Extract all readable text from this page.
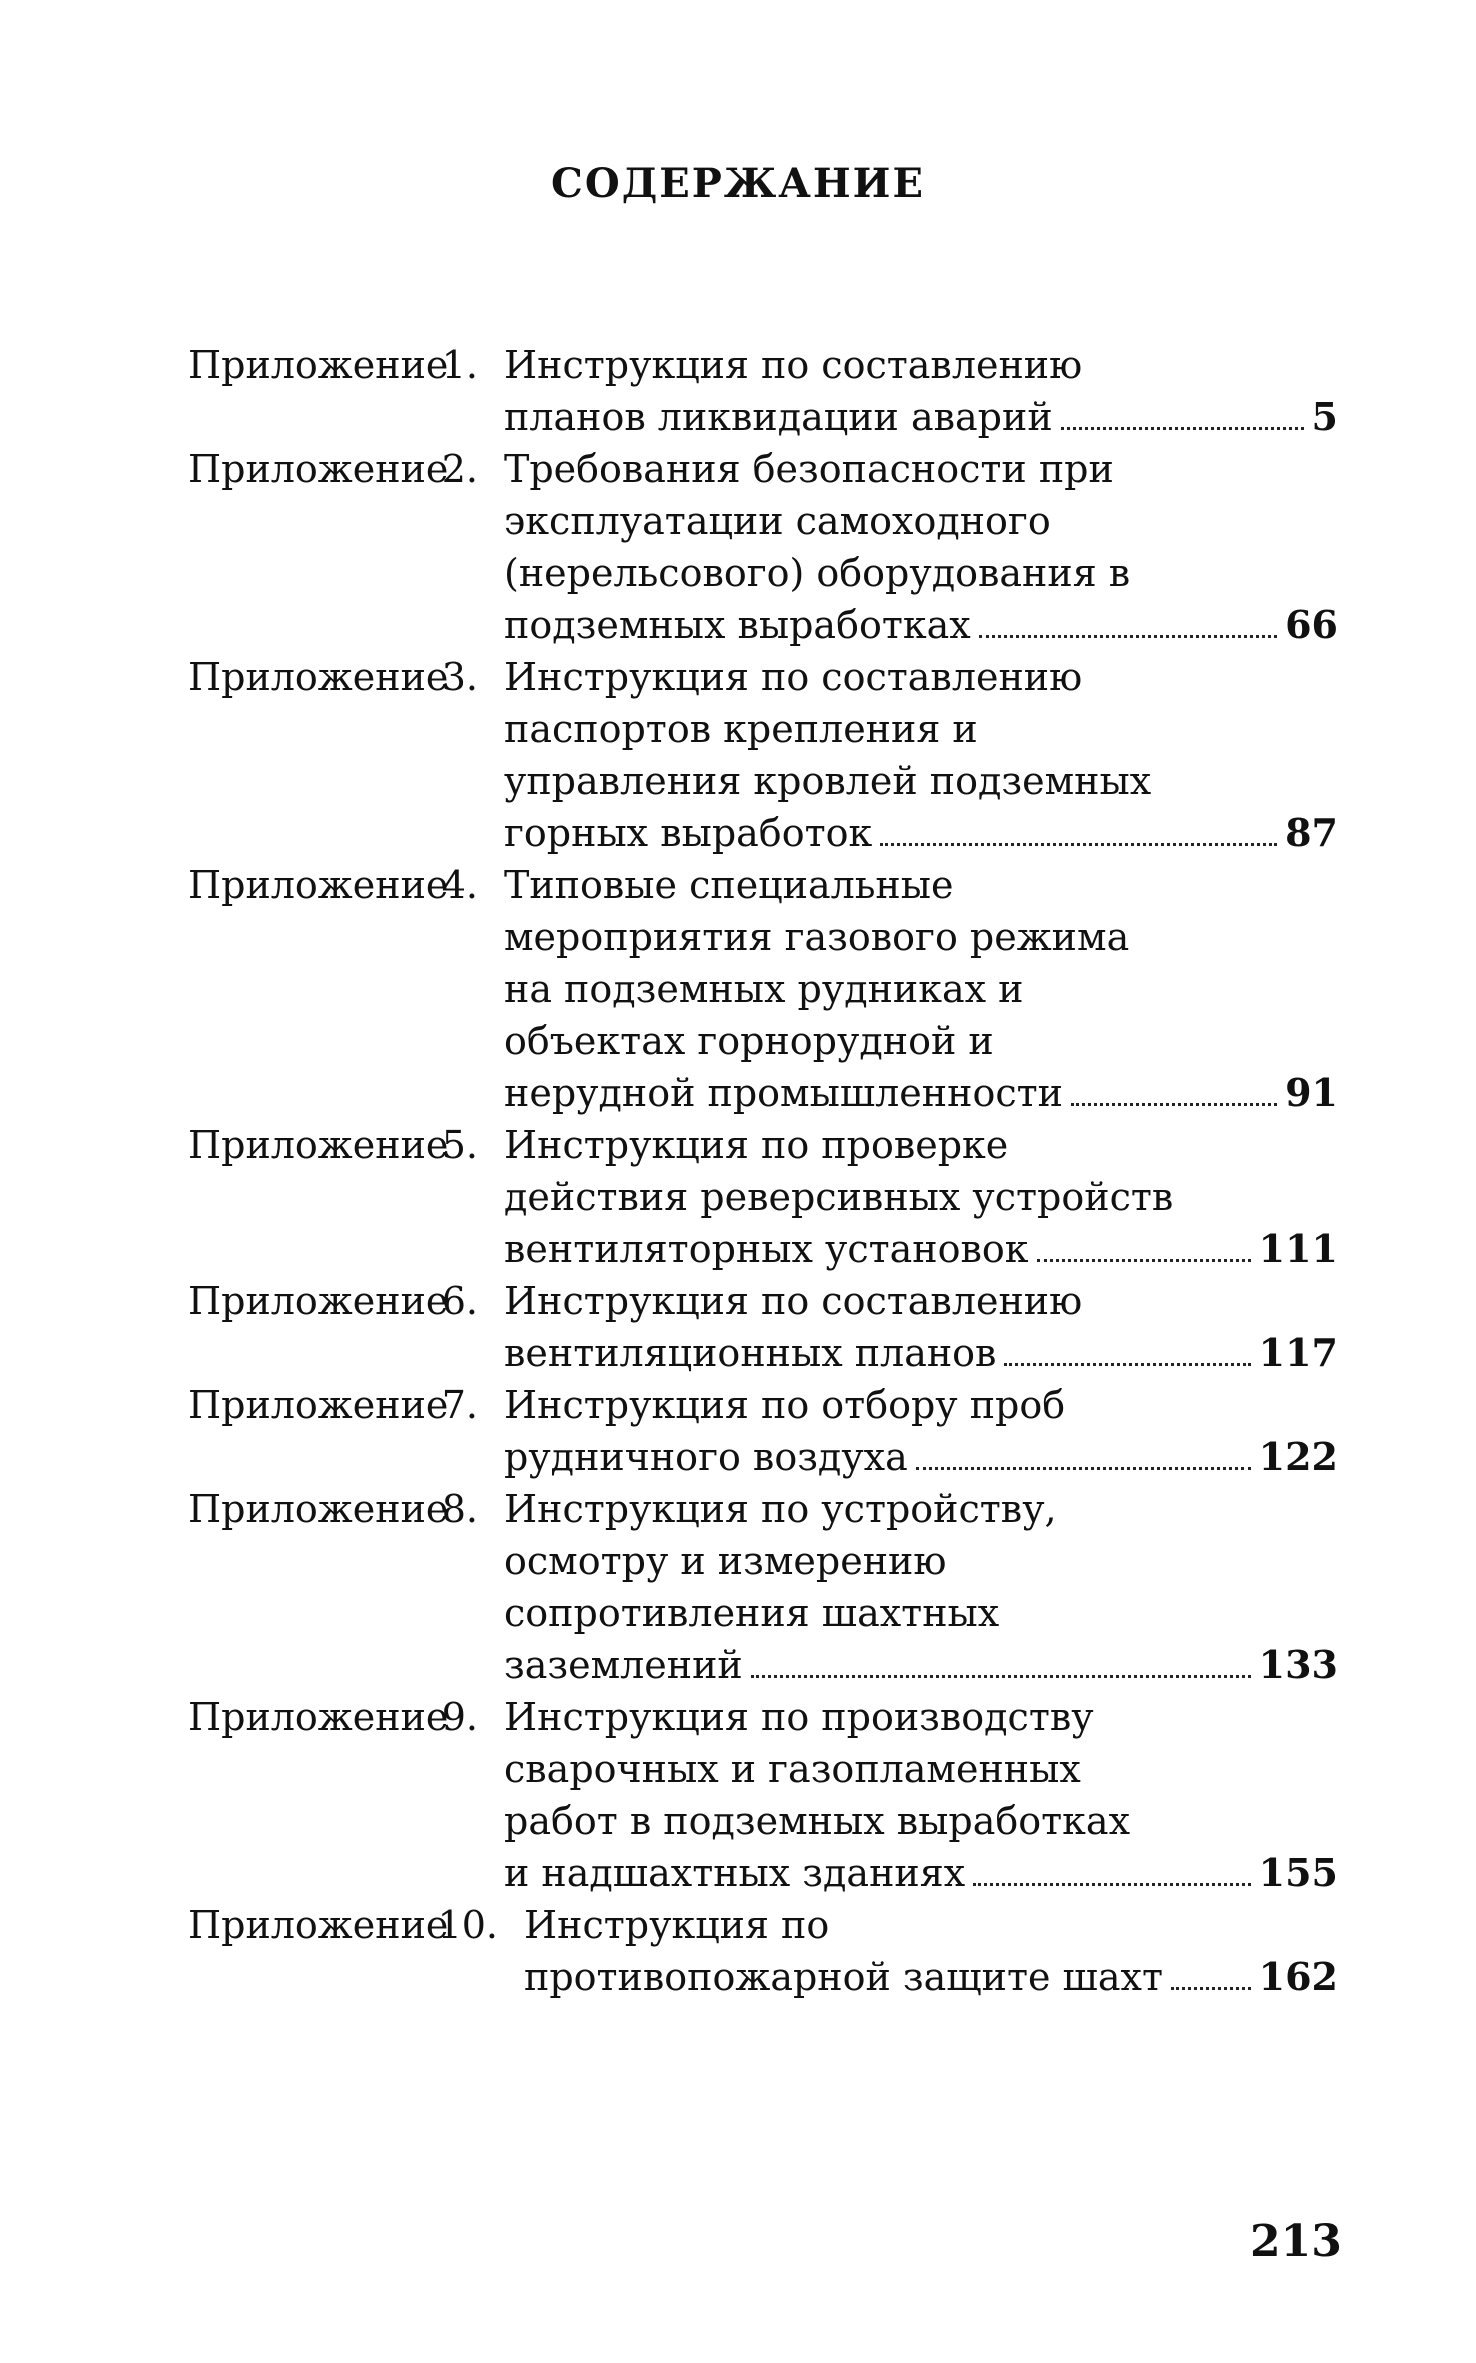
СОДЕРЖАНИЕ
Приложение
1. Инструкция по составлению
планов ликвидации аварий	5
Приложение
2. Требования безопасности при
эксплуатации самоходного
(нерельсового) оборудования в
подземных выработках	66
Приложение
3. Инструкция по составлению
паспортов крепления и
управления кровлей подземных
горных выработок	87
Приложение
4. Типовые специальные
мероприятия газового режима
на подземных рудниках и
объектах горнорудной и
нерудной промышленности	91
Приложение
5. Инструкция по проверке
действия реверсивных устройств
вентиляторных установок	111
Приложение
6. Инструкция по составлению
вентиляционных планов	117
Приложение
7. Инструкция по отбору проб
рудничного воздуха	122
Приложение
8. Инструкция по устройству,
осмотру и измерению
сопротивления шахтных
заземлений	133
Приложение
9. Инструкция по производству
сварочных и газопламенных
работ в подземных выработках
и надшахтных зданиях	155
Приложение
10. Инструкция по
противопожарной защите шахт	162
213
